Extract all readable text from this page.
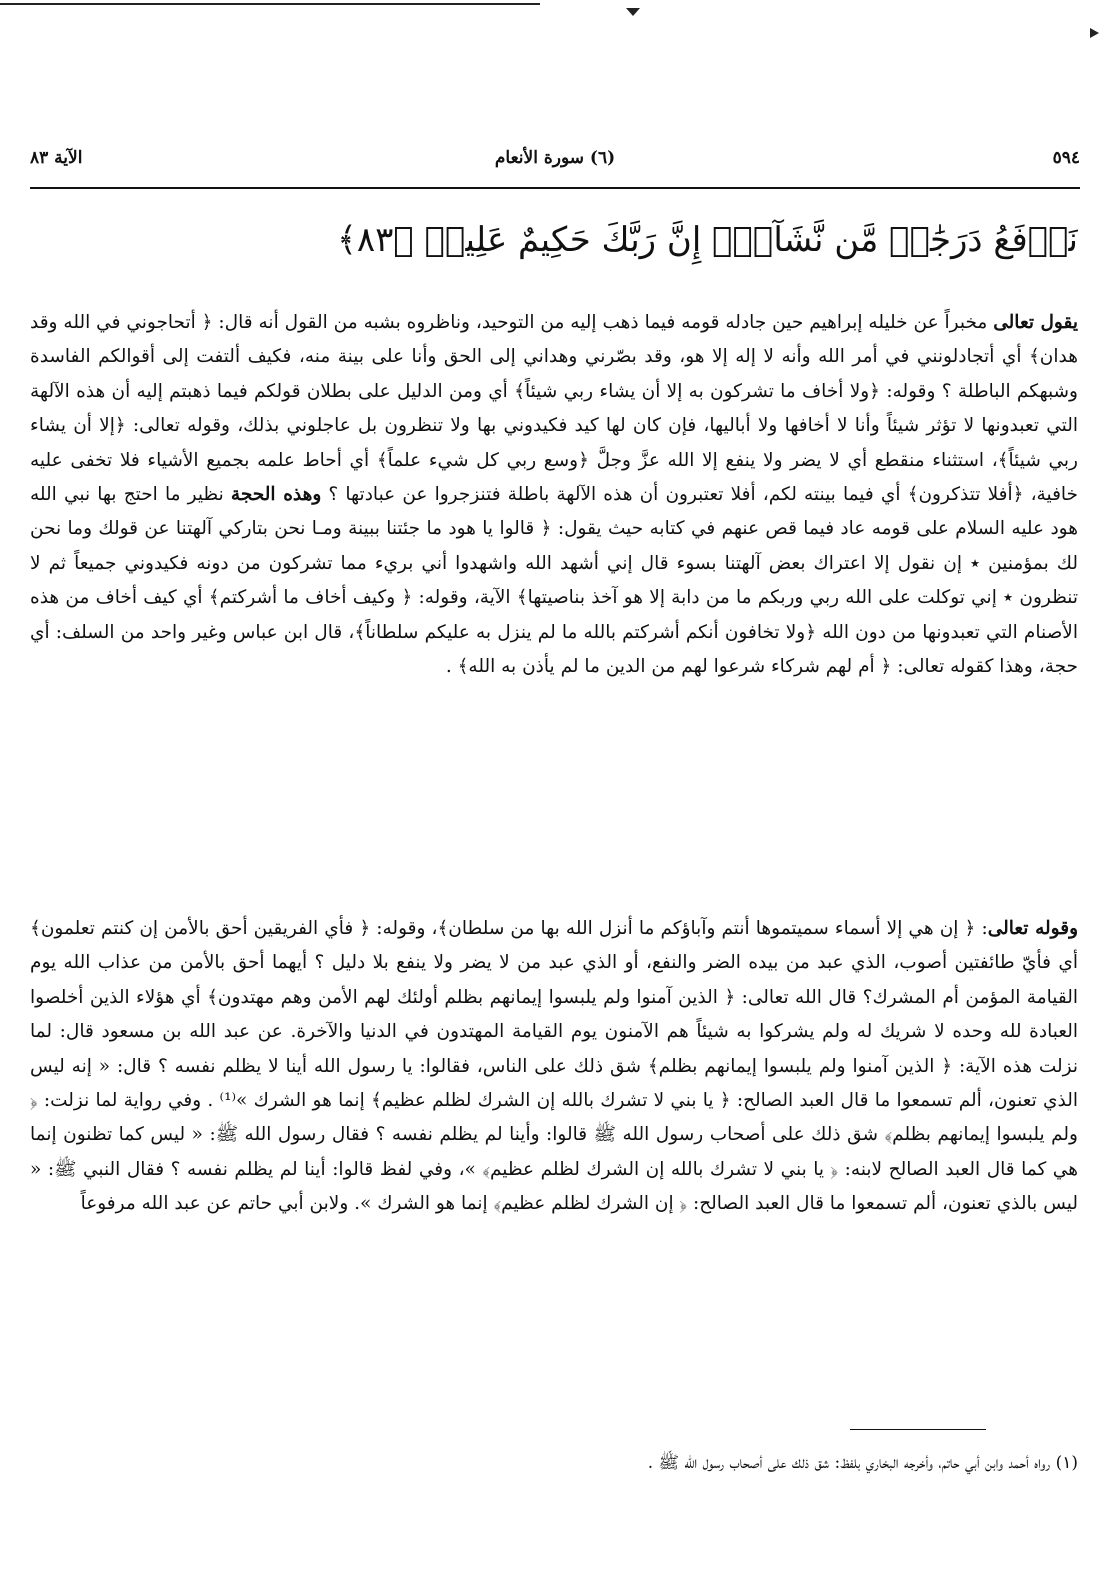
٥٩٤
(٦) سورة الأنعام
الآية ٨٣
نَرۡفَعُ دَرَجَٰتٖ مَّن نَّشَآءُۗ إِنَّ رَبَّكَ حَكِيمٌ عَلِيمٞ ﴿٨٣﴾

يقول تعالى مخبراً عن خليله إبراهيم حين جادله قومه فيما ذهب إليه من التوحيد، وناظروه بشبه من القول أنه قال: ﴿ أتحاجوني في الله وقد هدان﴾ أي أتجادلونني في أمر الله وأنه لا إله إلا هو، وقد بصّرني وهداني إلى الحق وأنا على بينة منه، فكيف ألتفت إلى أقوالكم الفاسدة وشبهكم الباطلة ؟ وقوله: ﴿ولا أخاف ما تشركون به إلا أن يشاء ربي شيئاً﴾ أي ومن الدليل على بطلان قولكم فيما ذهبتم إليه أن هذه الآلهة التي تعبدونها لا تؤثر شيئاً وأنا لا أخافها ولا أباليها، فإن كان لها كيد فكيدوني بها ولا تنظرون بل عاجلوني بذلك، وقوله تعالى: ﴿إلا أن يشاء ربي شيئاً﴾، استثناء منقطع أي لا يضر ولا ينفع إلا الله عزَّ وجلَّ ﴿وسع ربي كل شيء علماً﴾ أي أحاط علمه بجميع الأشياء فلا تخفى عليه خافية، ﴿أفلا تتذكرون﴾ أي فيما بينته لكم، أفلا تعتبرون أن هذه الآلهة باطلة فتنزجروا عن عبادتها ؟ وهذه الحجة نظير ما احتج بها نبي الله هود عليه السلام على قومه عاد فيما قص عنهم في كتابه حيث يقول: ﴿ قالوا يا هود ما جئتنا ببينة ومـا نحن بتاركي آلهتنا عن قولك وما نحن لك بمؤمنين ٭ إن نقول إلا اعتراك بعض آلهتنا بسوء قال إني أشهد الله واشهدوا أني بريء مما تشركون من دونه فكيدوني جميعاً ثم لا تنظرون ٭ إني توكلت على الله ربي وربكم ما من دابة إلا هو آخذ بناصيتها﴾ الآية، وقوله: ﴿ وكيف أخاف ما أشركتم﴾ أي كيف أخاف من هذه الأصنام التي تعبدونها من دون الله ﴿ولا تخافون أنكم أشركتم بالله ما لم ينزل به عليكم سلطاناً﴾، قال ابن عباس وغير واحد من السلف: أي حجة، وهذا كقوله تعالى: ﴿ أم لهم شركاء شرعوا لهم من الدين ما لم يأذن به الله﴾ .

وقوله تعالى: ﴿ إن هي إلا أسماء سميتموها أنتم وآباؤكم ما أنزل الله بها من سلطان﴾، وقوله: ﴿ فأي الفريقين أحق بالأمن إن كنتم تعلمون﴾ أي فأيّ طائفتين أصوب، الذي عبد من بيده الضر والنفع، أو الذي عبد من لا يضر ولا ينفع بلا دليل ؟ أيهما أحق بالأمن من عذاب الله يوم القيامة المؤمن أم المشرك؟ قال الله تعالى: ﴿ الذين آمنوا ولم يلبسوا إيمانهم بظلم أولئك لهم الأمن وهم مهتدون﴾ أي هؤلاء الذين أخلصوا العبادة لله وحده لا شريك له ولم يشركوا به شيئاً هم الآمنون يوم القيامة المهتدون في الدنيا والآخرة. عن عبد الله بن مسعود قال: لما نزلت هذه الآية: ﴿ الذين آمنوا ولم يلبسوا إيمانهم بظلم﴾ شق ذلك على الناس، فقالوا: يا رسول الله أينا لا يظلم نفسه ؟ قال: « إنه ليس الذي تعنون، ألم تسمعوا ما قال العبد الصالح: ﴿ يا بني لا تشرك بالله إن الشرك لظلم عظيم﴾ إنما هو الشرك »⁽¹⁾ . وفي رواية لما نزلت: ﴿ ولم يلبسوا إيمانهم بظلم﴾ شق ذلك على أصحاب رسول الله ﷺ قالوا: وأينا لم يظلم نفسه ؟ فقال رسول الله ﷺ: « ليس كما تظنون إنما هي كما قال العبد الصالح لابنه: ﴿ يا بني لا تشرك بالله إن الشرك لظلم عظيم﴾ »، وفي لفظ قالوا: أينا لم يظلم نفسه ؟ فقال النبي ﷺ: « ليس بالذي تعنون، ألم تسمعوا ما قال العبد الصالح: ﴿ إن الشرك لظلم عظيم﴾ إنما هو الشرك ». ولابن أبي حاتم عن عبد الله مرفوعاً

(١) رواه أحمد وابن أبي حاتم، وأخرجه البخاري بلفظ: شق ذلك على أصحاب رسول الله ﷺ .
